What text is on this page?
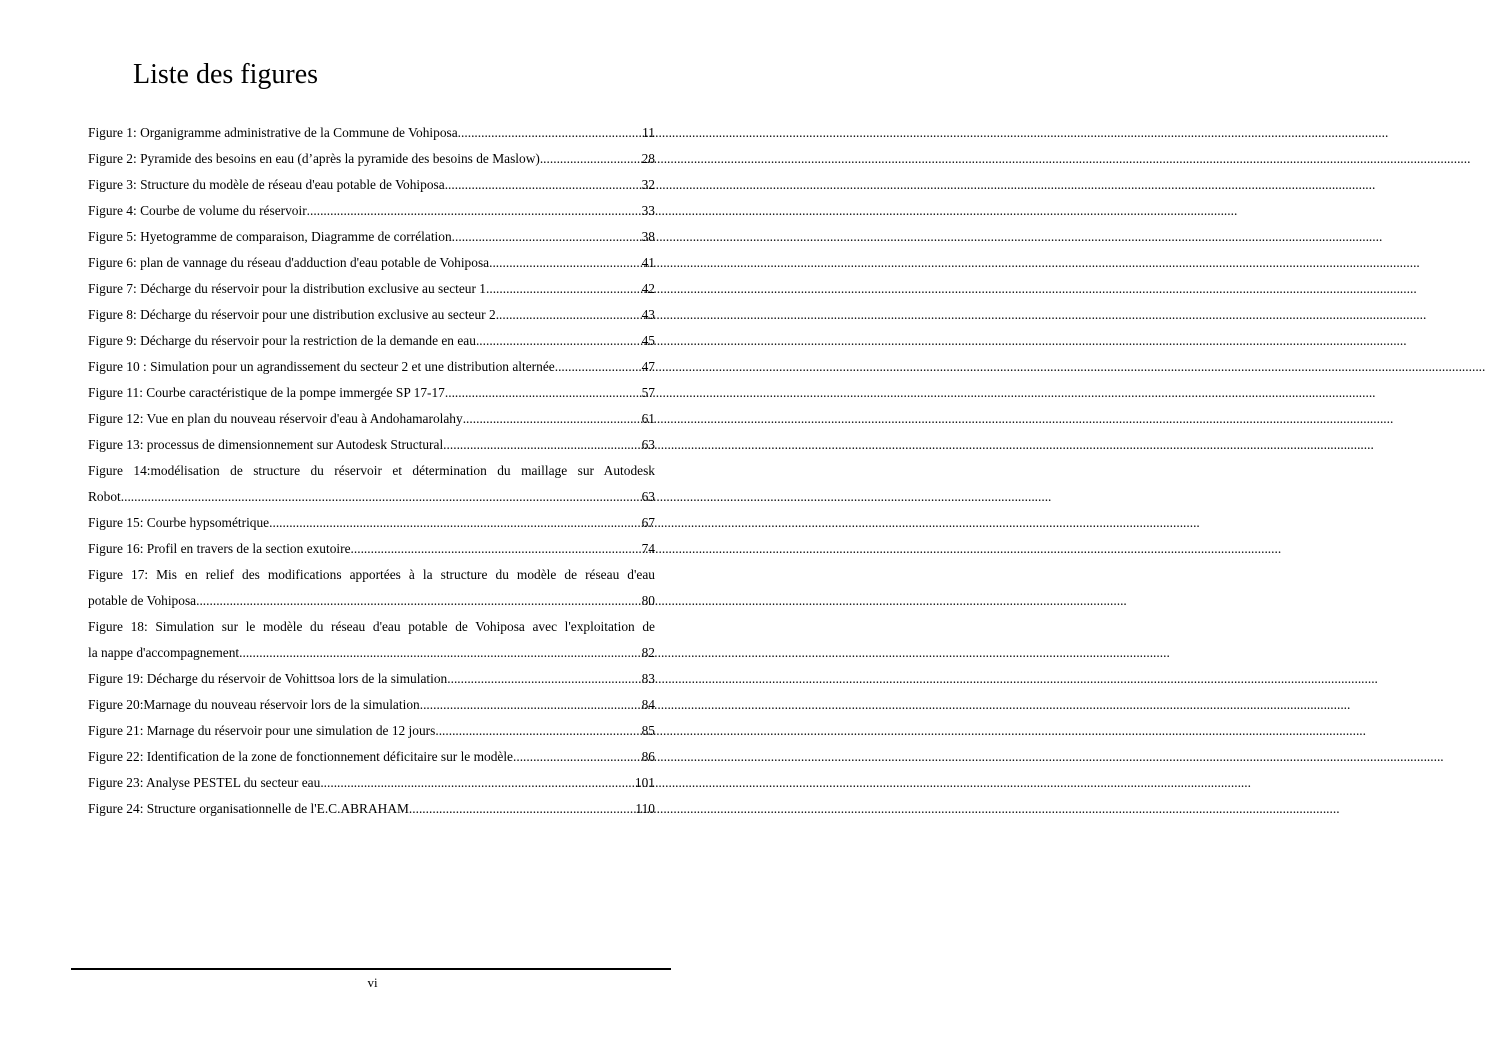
Liste des figures
Figure 1: Organigramme administrative de la Commune de Vohiposa .....	11
Figure 2: Pyramide des besoins en eau (d’après la pyramide des besoins de Maslow) .....	28
Figure 3: Structure du modèle de réseau d'eau potable de Vohiposa .....	32
Figure 4: Courbe de volume du réservoir .....	33
Figure 5: Hyetogramme de comparaison, Diagramme de corrélation .....	38
Figure 6: plan de vannage du réseau d'adduction d'eau potable de Vohiposa .....	41
Figure 7: Décharge du réservoir pour la distribution exclusive au secteur 1 .....	42
Figure 8: Décharge du réservoir pour une distribution exclusive au secteur 2 .....	43
Figure 9: Décharge du réservoir pour la restriction de la demande en eau .....	45
Figure 10 : Simulation pour un agrandissement du secteur 2 et une distribution alternée .....	47
Figure 11: Courbe caractéristique de la pompe immergée SP 17-17 .....	57
Figure 12: Vue en plan du nouveau réservoir d'eau à Andohamarolahy .....	61
Figure 13: processus de dimensionnement sur Autodesk Structural .....	63
Figure 14:modélisation de structure du réservoir et détermination du maillage sur Autodesk
Robot .....	63
Figure 15: Courbe hypsométrique .....	67
Figure 16: Profil en travers de la section exutoire .....	74
Figure 17: Mis en relief des modifications apportées à la structure du modèle de réseau d'eau
potable de Vohiposa .....	80
Figure 18: Simulation sur le modèle du réseau d'eau potable de Vohiposa avec l'exploitation de
la nappe d'accompagnement .....	82
Figure 19: Décharge du réservoir de Vohittsoa lors de la simulation .....	83
Figure 20:Marnage du nouveau réservoir lors de la simulation .....	84
Figure 21: Marnage du réservoir pour une simulation de 12 jours .....	85
Figure 22: Identification de la zone de fonctionnement déficitaire sur le modèle .....	86
Figure 23: Analyse PESTEL du secteur eau .....	101
Figure 24: Structure organisationnelle de l'E.C.ABRAHAM .....	110
vi
